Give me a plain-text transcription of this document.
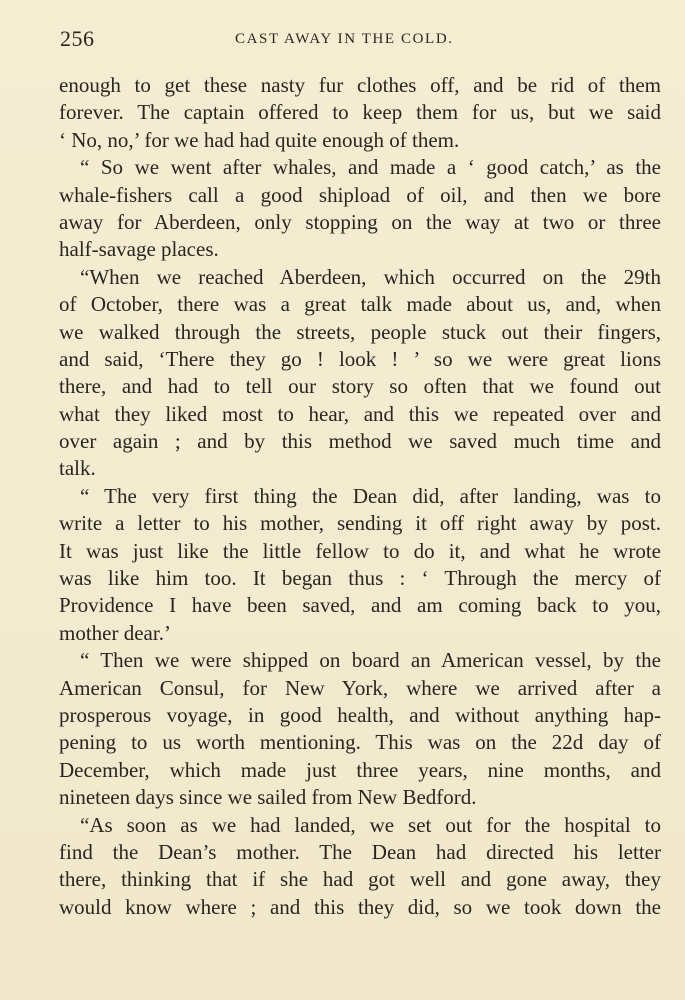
256	CAST AWAY IN THE COLD.
enough to get these nasty fur clothes off, and be rid of them
forever. The captain offered to keep them for us, but we said
‘ No, no,’ for we had had quite enough of them.
“ So we went after whales, and made a ‘ good catch,’ as the
whale-fishers call a good shipload of oil, and then we bore
away for Aberdeen, only stopping on the way at two or three
half-savage places.
“When we reached Aberdeen, which occurred on the 29th
of October, there was a great talk made about us, and, when
we walked through the streets, people stuck out their fingers,
and said, ‘There they go ! look ! ’ so we were great lions
there, and had to tell our story so often that we found out
what they liked most to hear, and this we repeated over and
over again ; and by this method we saved much time and
talk.
“ The very first thing the Dean did, after landing, was to
write a letter to his mother, sending it off right away by post.
It was just like the little fellow to do it, and what he wrote
was like him too. It began thus : ‘ Through the mercy of
Providence I have been saved, and am coming back to you,
mother dear.’
“ Then we were shipped on board an American vessel, by the
American Consul, for New York, where we arrived after a
prosperous voyage, in good health, and without anything hap-
pening to us worth mentioning. This was on the 22d day of
December, which made just three years, nine months, and
nineteen days since we sailed from New Bedford.
“As soon as we had landed, we set out for the hospital to
find the Dean’s mother. The Dean had directed his letter
there, thinking that if she had got well and gone away, they
would know where ; and this they did, so we took down the
